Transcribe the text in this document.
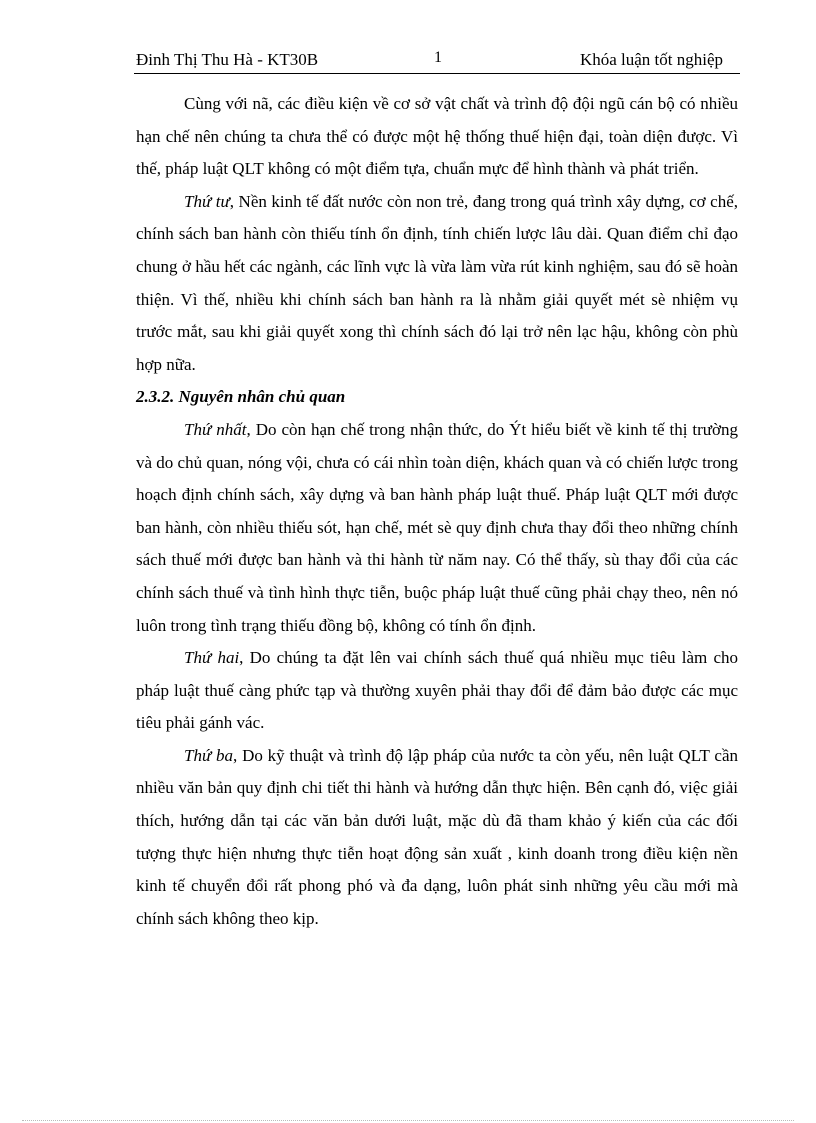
Đinh Thị Thu Hà - KT30B	1	Khóa luận tốt nghiệp

Cùng với nã, các điều kiện về cơ sở vật chất và trình độ đội ngũ cán bộ có nhiều hạn chế nên chúng ta chưa thể có được một hệ thống thuế hiện đại, toàn diện được. Vì thế, pháp luật QLT không có một điểm tựa, chuẩn mực để hình thành và phát triển.

Thứ tư, Nền kinh tế đất nước còn non trẻ, đang trong quá trình xây dựng, cơ chế, chính sách ban hành còn thiếu tính ổn định, tính chiến lược lâu dài. Quan điểm chỉ đạo chung ở hầu hết các ngành, các lĩnh vực là vừa làm vừa rút kinh nghiệm, sau đó sẽ hoàn thiện. Vì thế, nhiều khi chính sách ban hành ra là nhằm giải quyết mét sè nhiệm vụ trước mắt, sau khi giải quyết xong thì chính sách đó lại trở nên lạc hậu, không còn phù hợp nữa.

2.3.2. Nguyên nhân chủ quan

Thứ nhất, Do còn hạn chế trong nhận thức, do Ýt hiểu biết về kinh tế thị trường và do chủ quan, nóng vội, chưa có cái nhìn toàn diện, khách quan và có chiến lược trong hoạch định chính sách, xây dựng và ban hành pháp luật thuế. Pháp luật QLT mới được ban hành, còn nhiều thiếu sót, hạn chế, mét sè quy định chưa thay đổi theo những chính sách thuế mới được ban hành và thi hành từ năm nay. Có thể thấy, sù thay đổi của các chính sách thuế và tình hình thực tiễn, buộc pháp luật thuế cũng phải chạy theo, nên nó luôn trong tình trạng thiếu đồng bộ, không có tính ổn định.

Thứ hai, Do chúng ta đặt lên vai chính sách thuế quá nhiều mục tiêu làm cho pháp luật thuế càng phức tạp và thường xuyên phải thay đổi để đảm bảo được các mục tiêu phải gánh vác.

Thứ ba, Do kỹ thuật và trình độ lập pháp của nước ta còn yếu, nên luật QLT cần nhiều văn bản quy định chi tiết thi hành và hướng dẫn thực hiện. Bên cạnh đó, việc giải thích, hướng dẫn tại các văn bản dưới luật, mặc dù đã tham khảo ý kiến của các đối tượng thực hiện nhưng thực tiễn hoạt động sản xuất , kinh doanh trong điều kiện nền kinh tế chuyển đổi rất phong phó và đa dạng, luôn phát sinh những yêu cầu mới mà chính sách không theo kịp.
